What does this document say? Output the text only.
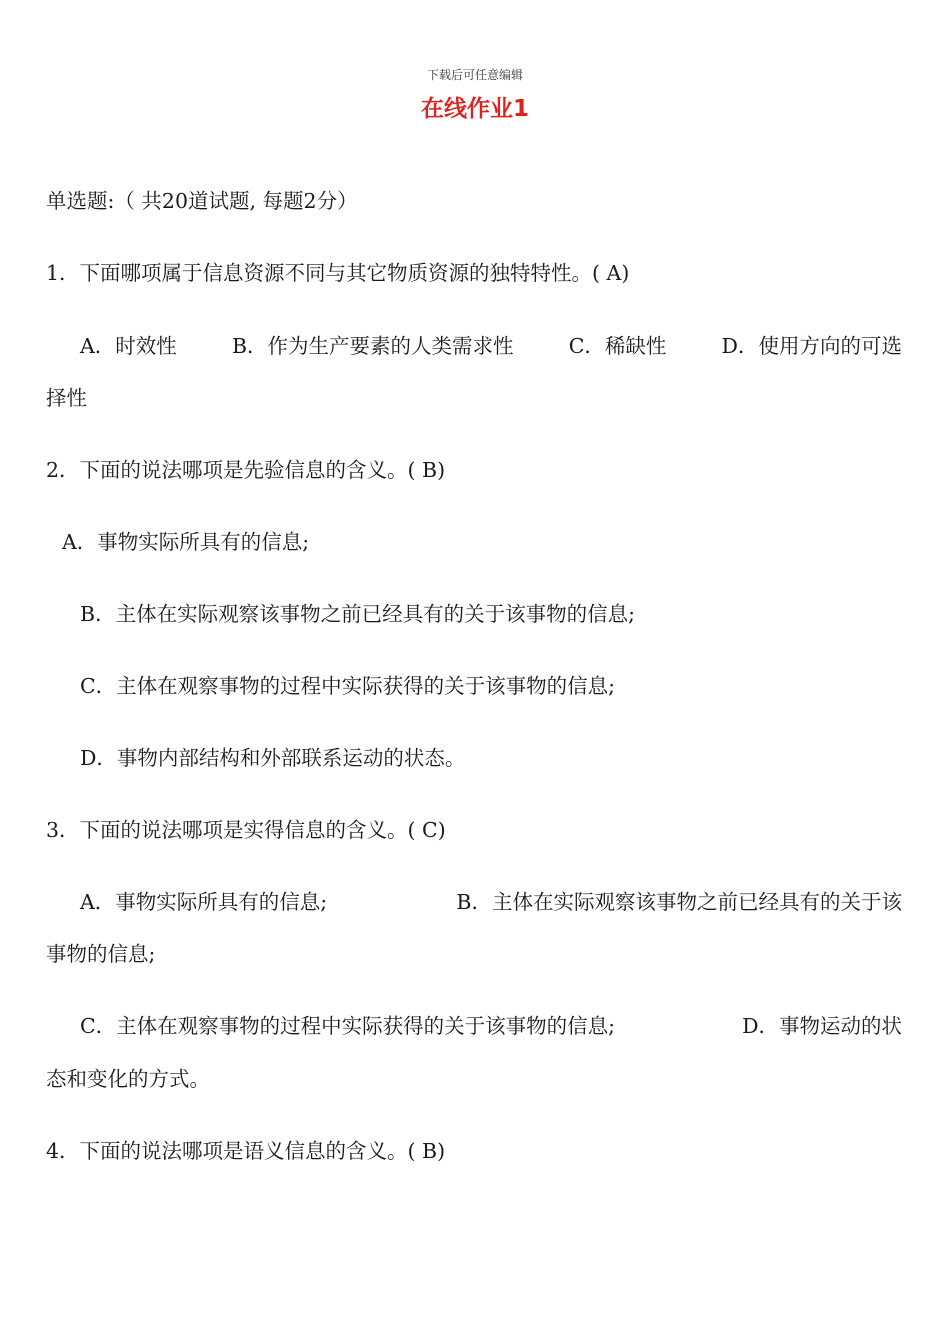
下载后可任意编辑
在线作业1
单选题:（ 共20道试题, 每题2分）
1．下面哪项属于信息资源不同与其它物质资源的独特特性。( A)
A．时效性	B．作为生产要素的人类需求性	C．稀缺性	D．使用方向的可选
择性
2．下面的说法哪项是先验信息的含义。( B)
A．事物实际所具有的信息;
B．主体在实际观察该事物之前已经具有的关于该事物的信息;
C．主体在观察事物的过程中实际获得的关于该事物的信息;
D．事物内部结构和外部联系运动的状态。
3．下面的说法哪项是实得信息的含义。( C)
A．事物实际所具有的信息;	B．主体在实际观察该事物之前已经具有的关于该
事物的信息;
C．主体在观察事物的过程中实际获得的关于该事物的信息;	D．事物运动的状
态和变化的方式。
4．下面的说法哪项是语义信息的含义。( B)
